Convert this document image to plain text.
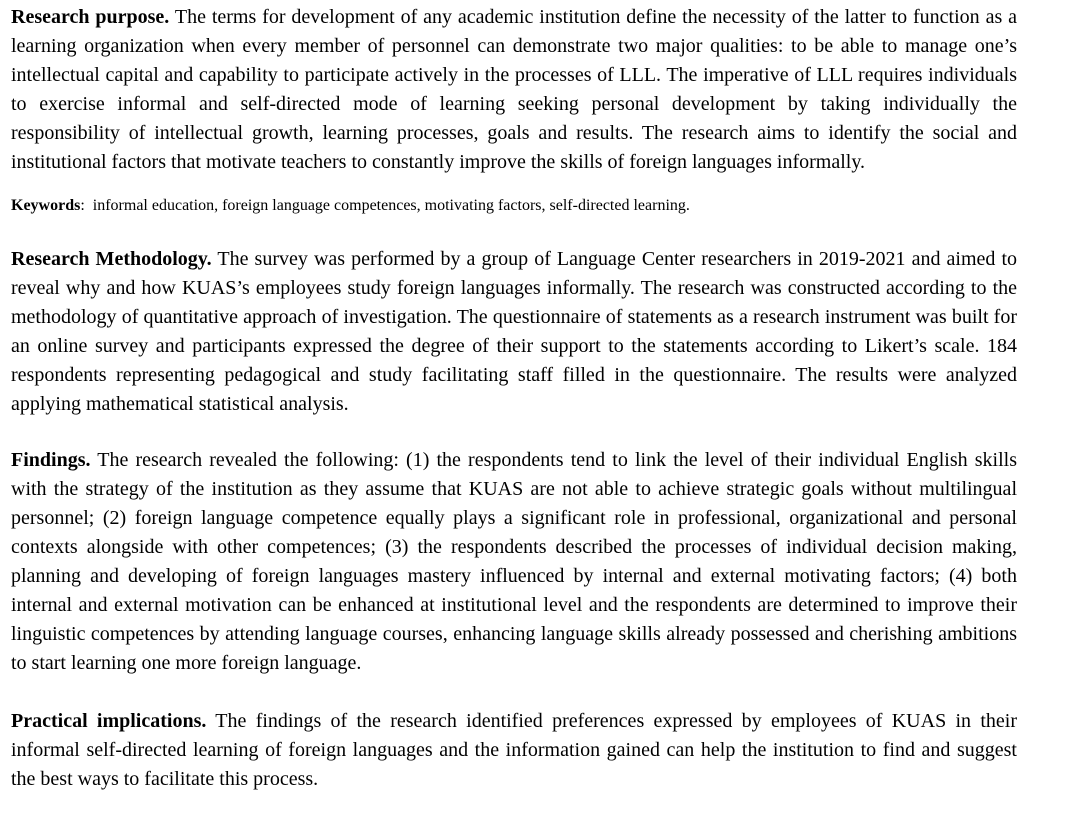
Research purpose. The terms for development of any academic institution define the necessity of the latter to function as a learning organization when every member of personnel can demonstrate two major qualities: to be able to manage one’s intellectual capital and capability to participate actively in the processes of LLL. The imperative of LLL requires individuals to exercise informal and self-directed mode of learning seeking personal development by taking individually the responsibility of intellectual growth, learning processes, goals and results. The research aims to identify the social and institutional factors that motivate teachers to constantly improve the skills of foreign languages informally.

Keywords:  informal education, foreign language competences, motivating factors, self-directed learning.

Research Methodology. The survey was performed by a group of Language Center researchers in 2019-2021 and aimed to reveal why and how KUAS’s employees study foreign languages informally. The research was constructed according to the methodology of quantitative approach of investigation. The questionnaire of statements as a research instrument was built for an online survey and participants expressed the degree of their support to the statements according to Likert’s scale. 184 respondents representing pedagogical and study facilitating staff filled in the questionnaire. The results were analyzed applying mathematical statistical analysis.

Findings. The research revealed the following: (1) the respondents tend to link the level of their individual English skills with the strategy of the institution as they assume that KUAS are not able to achieve strategic goals without multilingual personnel; (2) foreign language competence equally plays a significant role in professional, organizational and personal contexts alongside with other competences; (3) the respondents described the processes of individual decision making, planning and developing of foreign languages mastery influenced by internal and external motivating factors; (4) both internal and external motivation can be enhanced at institutional level and the respondents are determined to improve their linguistic competences by attending language courses, enhancing language skills already possessed and cherishing ambitions to start learning one more foreign language.

Practical implications. The findings of the research identified preferences expressed by employees of KUAS in their informal self-directed learning of foreign languages and the information gained can help the institution to find and suggest the best ways to facilitate this process.
